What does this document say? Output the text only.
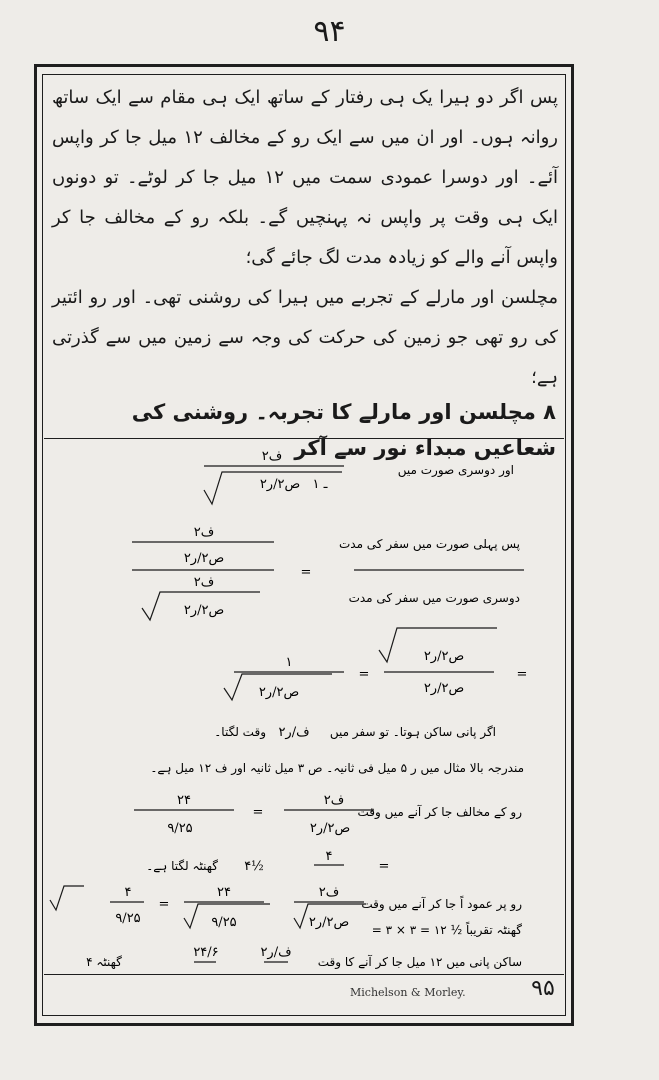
۹۴

پس اگر دو ہیرا یک ہی رفتار کے ساتھ ایک ہی مقام سے ایک ساتھ روانہ ہوں۔ اور ان میں سے ایک رو کے مخالف ۱۲ میل جا کر واپس آئے۔ اور دوسرا عمودی سمت میں ۱۲ میل جا کر لوٹے۔ تو دونوں ایک ہی وقت پر واپس نہ پہنچیں گے۔ بلکہ رو کے مخالف جا کر واپس آنے والے کو زیادہ مدت لگ جائے گی؛

مچلسن اور مارلے کے تجربے میں ہیرا کی روشنی تھی۔ اور رو ائتیر کی رو تھی جو زمین کی حرکت کی وجہ سے زمین میں سے گذرتی ہے؛

۸ مچلسن اور مارلے کا تجربہ۔ روشنی کی شعاعیں مبداء نور سے آکر
اور دوسری صورت میں
۲ف
ص٢/ر٢ ۱ ـ
پس پہلی صورت میں سفر کی مدت
دوسری صورت میں سفر کی مدت
=
۲ف
ص٢/ر٢
۲ف
ص٢/ر٢
۱
ص٢/ر٢
=
ص٢/ر٢
ص٢/ر٢
=
اگر پانی ساکن ہوتا۔ تو سفر میں
۲ف/ر
وقت لگتا۔
مندرجہ بالا مثال میں ر ۵ میل فی ثانیہ۔ ص ۳ میل ثانیہ اور ف ۱۲ میل ہے۔
رو کے مخالف جا کر آنے میں وقت
۲ف
ص٢/ر٢
=
۲۴
۹/۲۵
گھنٹہ لگتا ہے۔ ۴½
۴
=
رو پر عمود اً جا کر آنے میں وقت
۲ف
ص٢/ر٢
۲۴
۹/۲۵
۴
۹/۲۵
=
= ۳ × ۳ = ۱۲ ½ گھنٹہ تقریباً
ساکن پانی میں ۱۲ میل جا کر آنے کا وقت
۲ف/ر
۲۴/۶
۴ گھنٹہ
Michelson & Morley.	۹۵
